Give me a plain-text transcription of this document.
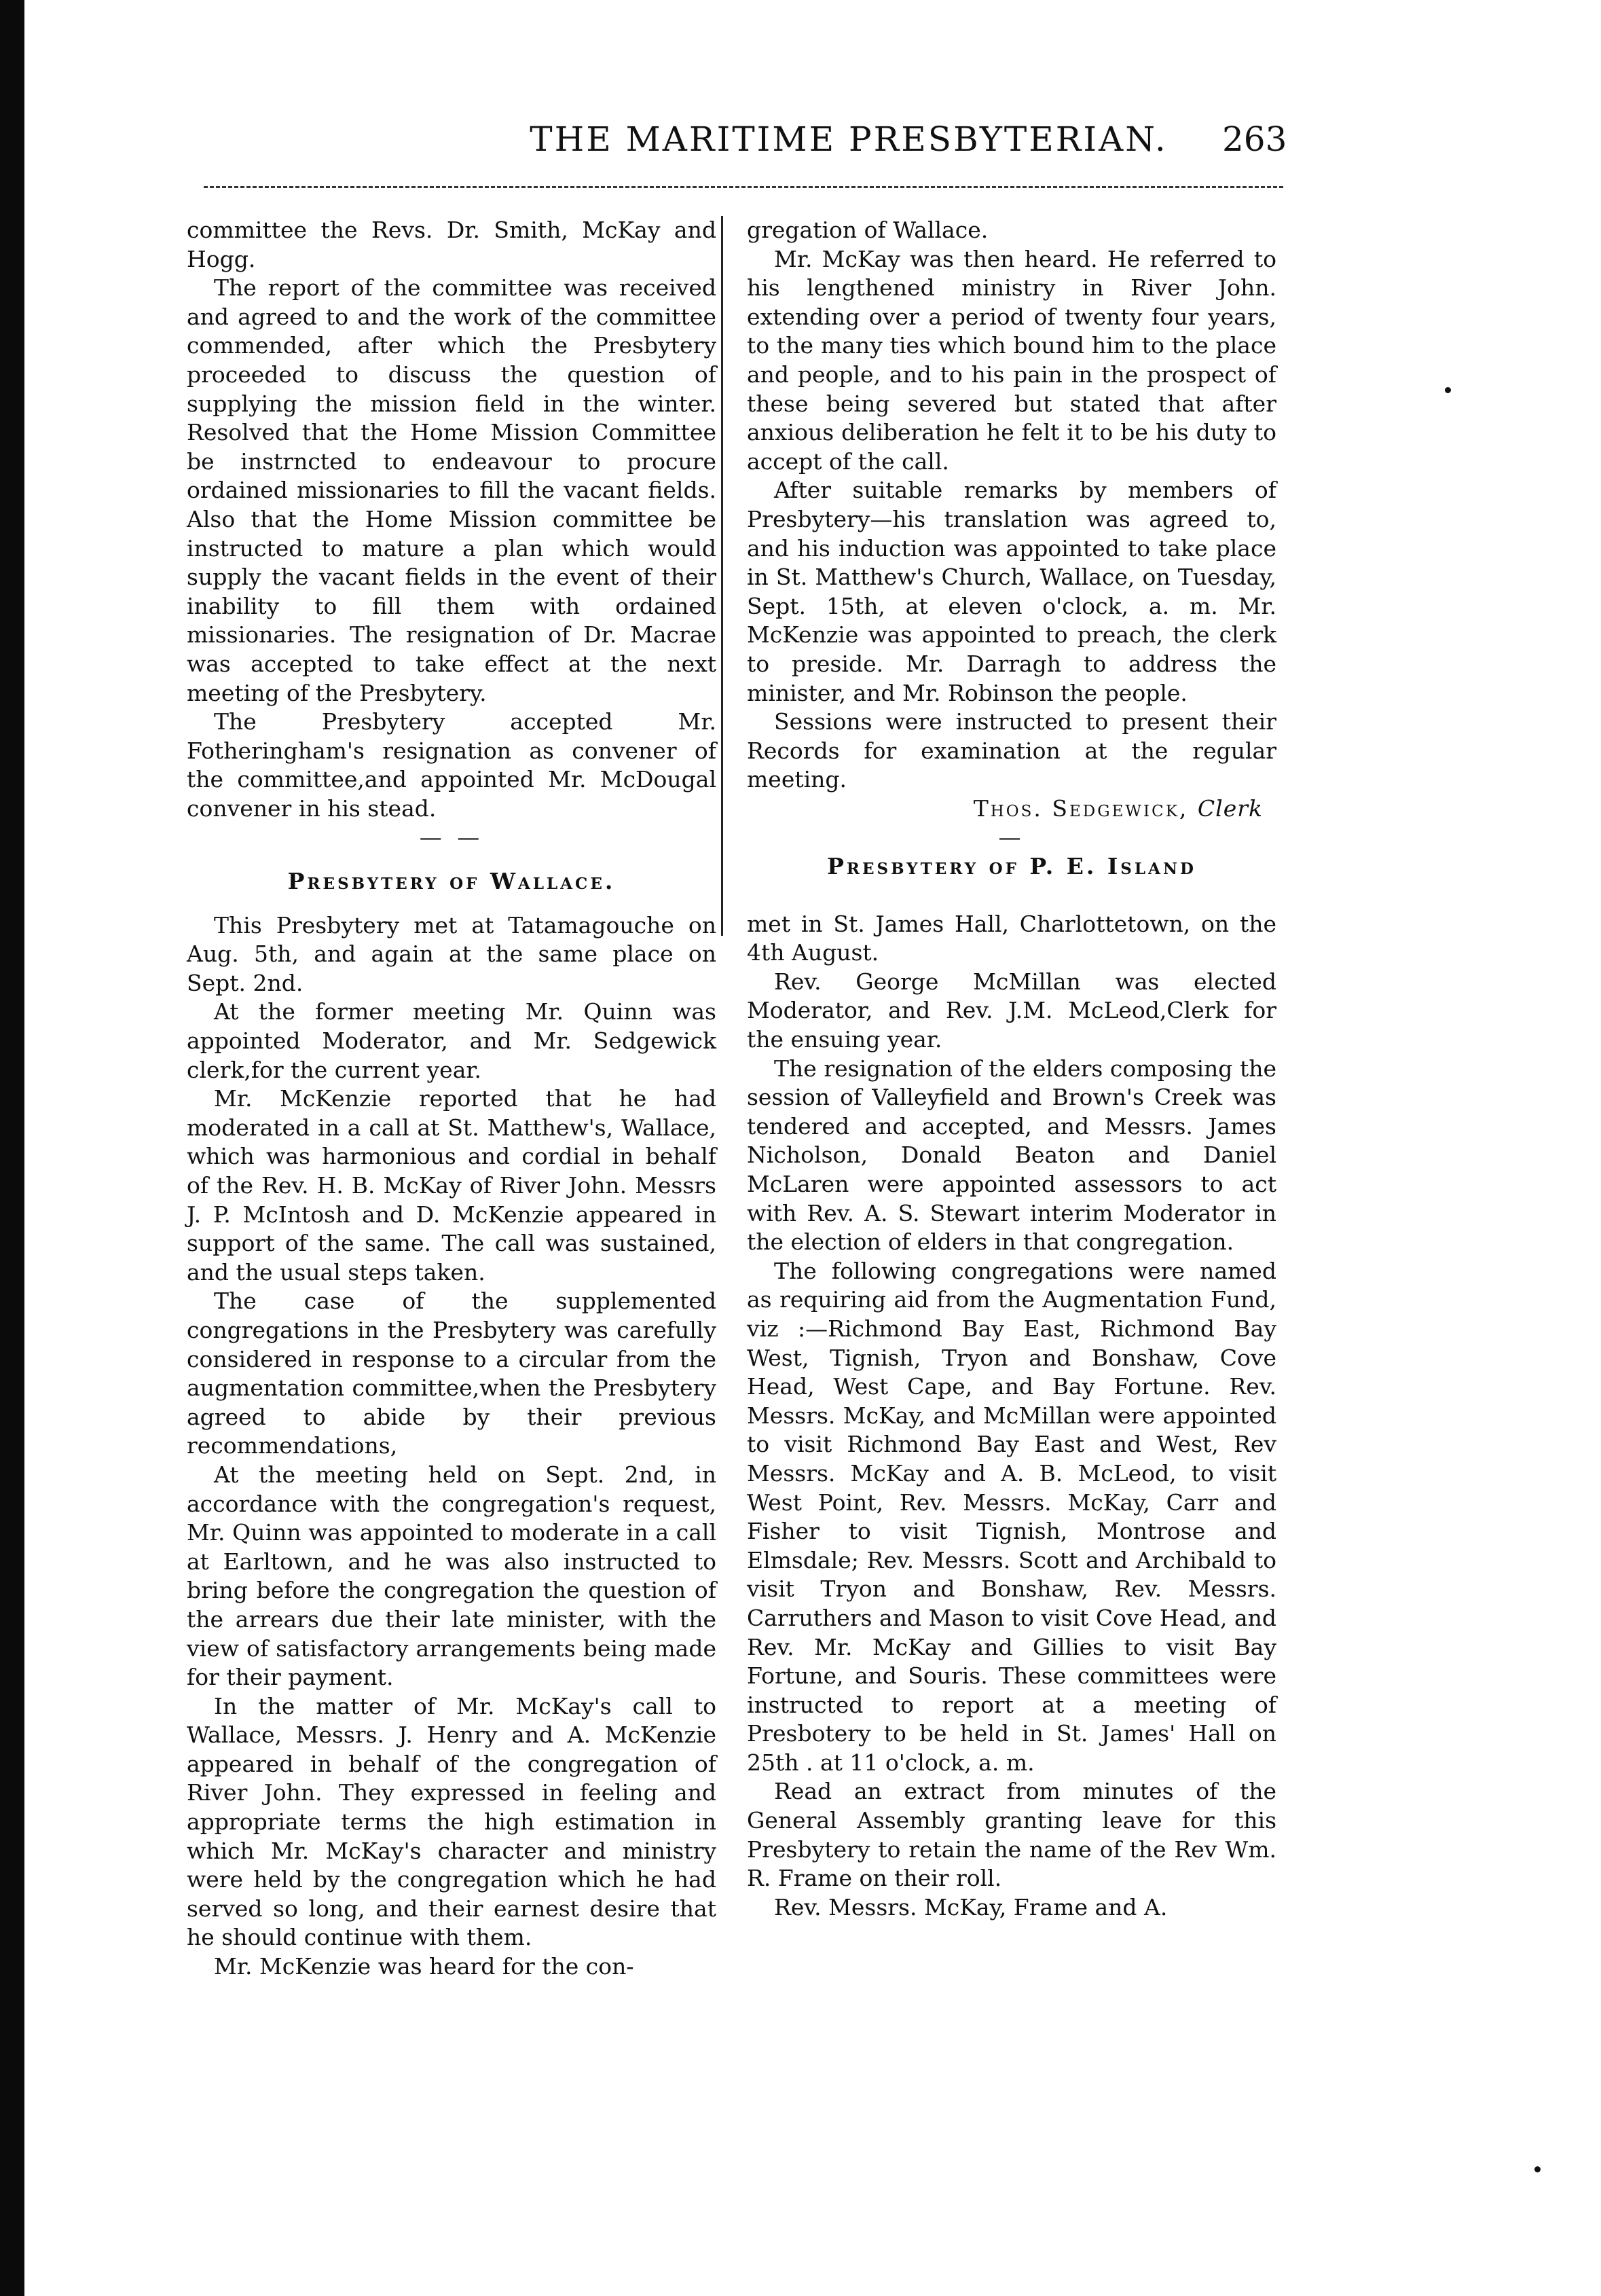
THE MARITIME PRESBYTERIAN.	263

committee the Revs. Dr. Smith, McKay and Hogg.

The report of the committee was received and agreed to and the work of the committee commended, after which the Presbytery proceeded to discuss the question of supplying the mission field in the winter. Resolved that the Home Mission Committee be instrncted to endeavour to procure ordained missionaries to fill the vacant fields. Also that the Home Mission committee be instructed to mature a plan which would supply the vacant fields in the event of their inability to fill them with ordained missionaries. The resignation of Dr. Macrae was accepted to take effect at the next meeting of the Presbytery.

The Presbytery accepted Mr. Fotheringham's resignation as convener of the committee,and appointed Mr. McDougal convener in his stead.

— —
Presbytery of Wallace.

This Presbytery met at Tatamagouche on Aug. 5th, and again at the same place on Sept. 2nd.

At the former meeting Mr. Quinn was appointed Moderator, and Mr. Sedgewick clerk,for the current year.

Mr. McKenzie reported that he had moderated in a call at St. Matthew's, Wallace, which was harmonious and cordial in behalf of the Rev. H. B. McKay of River John. Messrs J. P. McIntosh and D. McKenzie appeared in support of the same. The call was sustained, and the usual steps taken.

The case of the supplemented congregations in the Presbytery was carefully considered in response to a circular from the augmentation committee,when the Presbytery agreed to abide by their previous recommendations,

At the meeting held on Sept. 2nd, in accordance with the congregation's request, Mr. Quinn was appointed to moderate in a call at Earltown, and he was also instructed to bring before the congregation the question of the arrears due their late minister, with the view of satisfactory arrangements being made for their payment.

In the matter of Mr. McKay's call to Wallace, Messrs. J. Henry and A. McKenzie appeared in behalf of the congregation of River John. They expressed in feeling and appropriate terms the high estimation in which Mr. McKay's character and ministry were held by the congregation which he had served so long, and their earnest desire that he should continue with them.

Mr. McKenzie was heard for the con-

gregation of Wallace.

Mr. McKay was then heard. He referred to his lengthened ministry in River John. extending over a period of twenty four years, to the many ties which bound him to the place and people, and to his pain in the prospect of these being severed but stated that after anxious deliberation he felt it to be his duty to accept of the call.

After suitable remarks by members of Presbytery—his translation was agreed to, and his induction was appointed to take place in St. Matthew's Church, Wallace, on Tuesday, Sept. 15th, at eleven o'clock, a. m. Mr. McKenzie was appointed to preach, the clerk to preside. Mr. Darragh to address the minister, and Mr. Robinson the people.

Sessions were instructed to present their Records for examination at the regular meeting.

Thos. Sedgewick, Clerk
—
Presbytery of P. E. Island

met in St. James Hall, Charlottetown, on the 4th August.

Rev. George McMillan was elected Moderator, and Rev. J.M. McLeod,Clerk for the ensuing year.

The resignation of the elders composing the session of Valleyfield and Brown's Creek was tendered and accepted, and Messrs. James Nicholson, Donald Beaton and Daniel McLaren were appointed assessors to act with Rev. A. S. Stewart interim Moderator in the election of elders in that congregation.

The following congregations were named as requiring aid from the Augmentation Fund, viz :—Richmond Bay East, Richmond Bay West, Tignish, Tryon and Bonshaw, Cove Head, West Cape, and Bay Fortune. Rev. Messrs. McKay, and McMillan were appointed to visit Richmond Bay East and West, Rev Messrs. McKay and A. B. McLeod, to visit West Point, Rev. Messrs. McKay, Carr and Fisher to visit Tignish, Montrose and Elmsdale; Rev. Messrs. Scott and Archibald to visit Tryon and Bonshaw, Rev. Messrs. Carruthers and Mason to visit Cove Head, and Rev. Mr. McKay and Gillies to visit Bay Fortune, and Souris. These committees were instructed to report at a meeting of Presbotery to be held in St. James' Hall on 25th . at 11 o'clock, a. m.

Read an extract from minutes of the General Assembly granting leave for this Presbytery to retain the name of the Rev Wm. R. Frame on their roll.

Rev. Messrs. McKay, Frame and A.
